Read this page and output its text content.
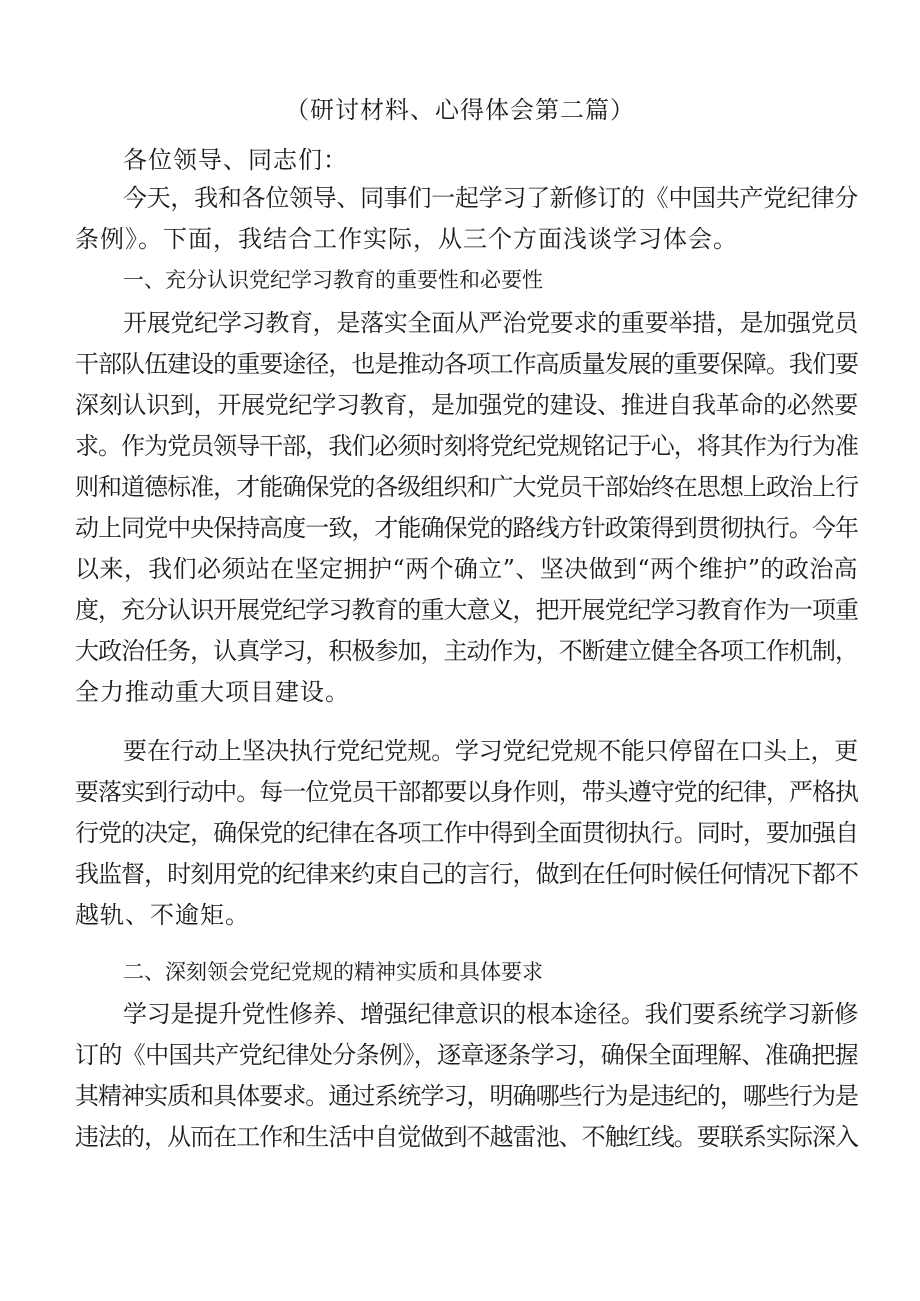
（研讨材料、心得体会第二篇）
各位领导、同志们：
今天，我和各位领导、同事们一起学习了新修订的《中国共产党纪律分
条例》。下面，我结合工作实际，从三个方面浅谈学习体会。
一、充分认识党纪学习教育的重要性和必要性
开展党纪学习教育，是落实全面从严治党要求的重要举措，是加强党员
干部队伍建设的重要途径，也是推动各项工作高质量发展的重要保障。我们要
深刻认识到，开展党纪学习教育，是加强党的建设、推进自我革命的必然要
求。作为党员领导干部，我们必须时刻将党纪党规铭记于心，将其作为行为准
则和道德标准，才能确保党的各级组织和广大党员干部始终在思想上政治上行
动上同党中央保持高度一致，才能确保党的路线方针政策得到贯彻执行。今年
以来，我们必须站在坚定拥护“两个确立”、坚决做到“两个维护”的政治高
度，充分认识开展党纪学习教育的重大意义，把开展党纪学习教育作为一项重
大政治任务，认真学习，积极参加，主动作为，不断建立健全各项工作机制，
全力推动重大项目建设。
要在行动上坚决执行党纪党规。学习党纪党规不能只停留在口头上，更
要落实到行动中。每一位党员干部都要以身作则，带头遵守党的纪律，严格执
行党的决定，确保党的纪律在各项工作中得到全面贯彻执行。同时，要加强自
我监督，时刻用党的纪律来约束自己的言行，做到在任何时候任何情况下都不
越轨、不逾矩。
二、深刻领会党纪党规的精神实质和具体要求
学习是提升党性修养、增强纪律意识的根本途径。我们要系统学习新修
订的《中国共产党纪律处分条例》，逐章逐条学习，确保全面理解、准确把握
其精神实质和具体要求。通过系统学习，明确哪些行为是违纪的，哪些行为是
违法的，从而在工作和生活中自觉做到不越雷池、不触红线。要联系实际深入
